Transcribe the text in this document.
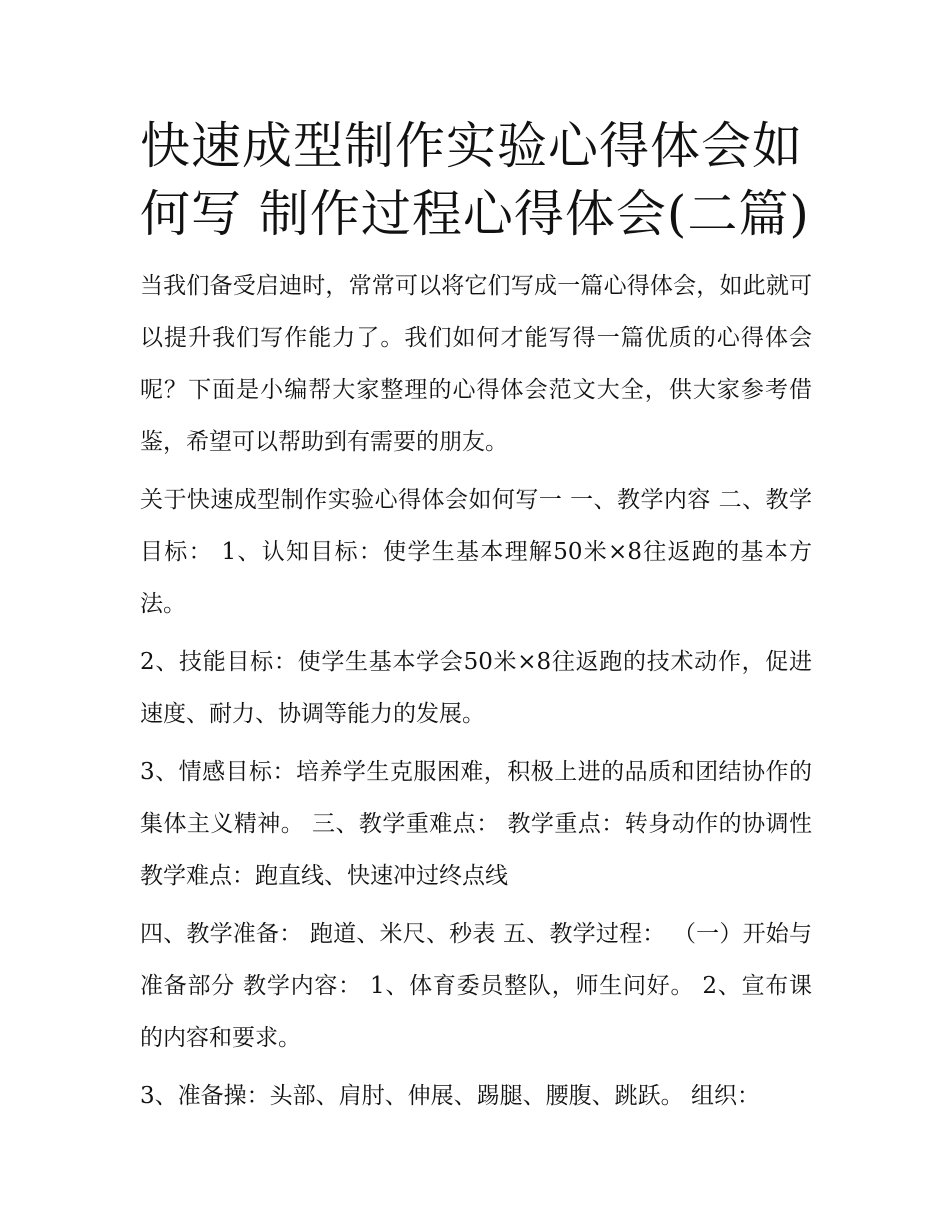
快速成型制作实验心得体会如何写 制作过程心得体会(二篇)

当我们备受启迪时，常常可以将它们写成一篇心得体会，如此就可以提升我们写作能力了。我们如何才能写得一篇优质的心得体会呢？下面是小编帮大家整理的心得体会范文大全，供大家参考借鉴，希望可以帮助到有需要的朋友。

关于快速成型制作实验心得体会如何写一 一、教学内容 二、教学目标： 1、认知目标：使学生基本理解50米×8往返跑的基本方法。

2、技能目标：使学生基本学会50米×8往返跑的技术动作，促进速度、耐力、协调等能力的发展。

3、情感目标：培养学生克服困难，积极上进的品质和团结协作的集体主义精神。 三、教学重难点： 教学重点：转身动作的协调性 教学难点：跑直线、快速冲过终点线

四、教学准备： 跑道、米尺、秒表 五、教学过程： （一）开始与准备部分 教学内容： 1、体育委员整队，师生问好。 2、宣布课的内容和要求。

3、准备操：头部、肩肘、伸展、踢腿、腰腹、跳跃。 组织：
